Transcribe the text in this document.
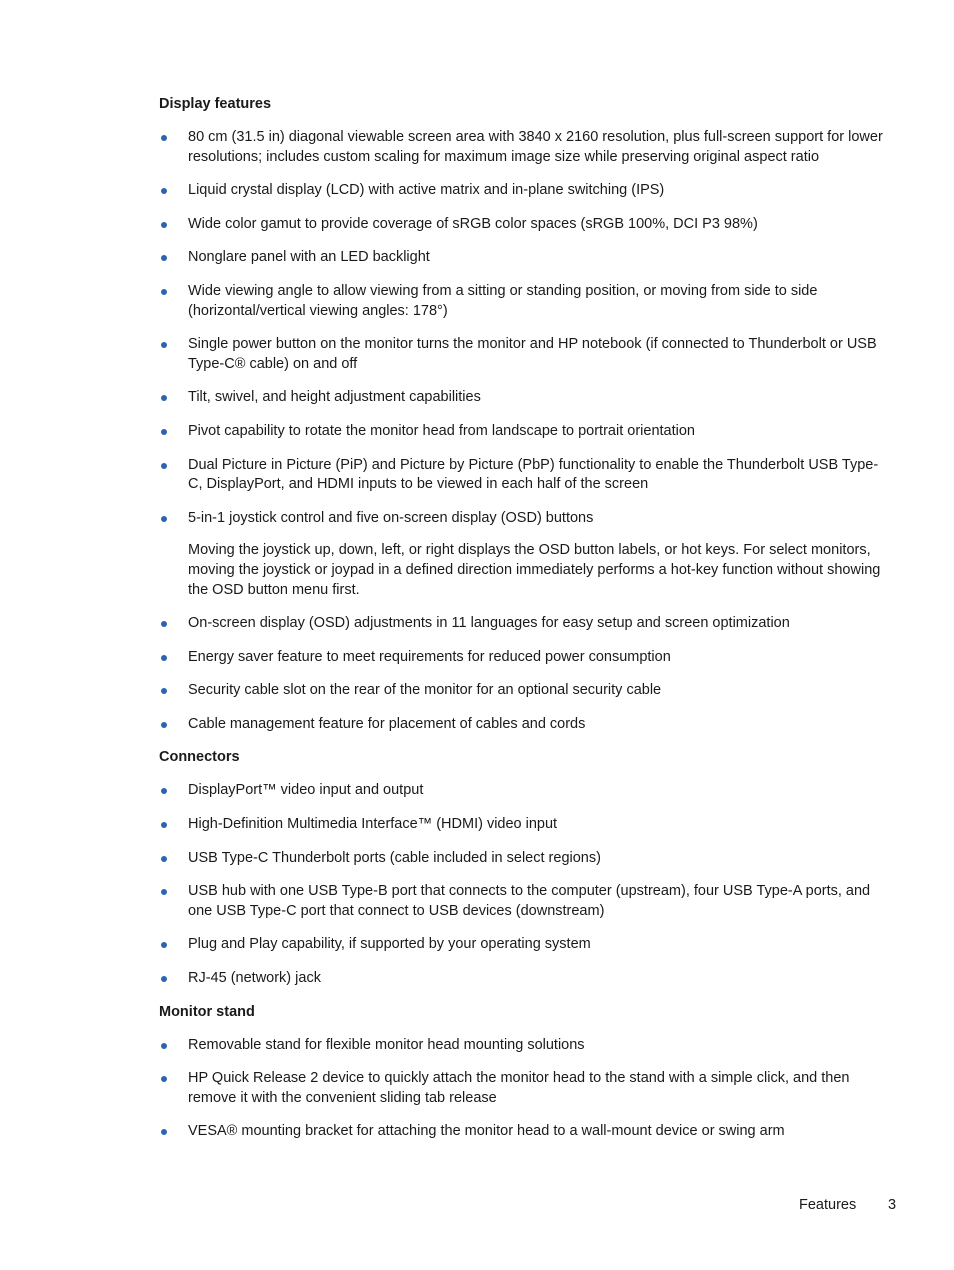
Display features
80 cm (31.5 in) diagonal viewable screen area with 3840 x 2160 resolution, plus full-screen support for lower resolutions; includes custom scaling for maximum image size while preserving original aspect ratio
Liquid crystal display (LCD) with active matrix and in-plane switching (IPS)
Wide color gamut to provide coverage of sRGB color spaces (sRGB 100%, DCI P3 98%)
Nonglare panel with an LED backlight
Wide viewing angle to allow viewing from a sitting or standing position, or moving from side to side (horizontal/vertical viewing angles: 178°)
Single power button on the monitor turns the monitor and HP notebook (if connected to Thunderbolt or USB Type-C® cable) on and off
Tilt, swivel, and height adjustment capabilities
Pivot capability to rotate the monitor head from landscape to portrait orientation
Dual Picture in Picture (PiP) and Picture by Picture (PbP) functionality to enable the Thunderbolt USB Type-C, DisplayPort, and HDMI inputs to be viewed in each half of the screen
5-in-1 joystick control and five on-screen display (OSD) buttons
Moving the joystick up, down, left, or right displays the OSD button labels, or hot keys. For select monitors, moving the joystick or joypad in a defined direction immediately performs a hot-key function without showing the OSD button menu first.
On-screen display (OSD) adjustments in 11 languages for easy setup and screen optimization
Energy saver feature to meet requirements for reduced power consumption
Security cable slot on the rear of the monitor for an optional security cable
Cable management feature for placement of cables and cords
Connectors
DisplayPort™ video input and output
High-Definition Multimedia Interface™ (HDMI) video input
USB Type-C Thunderbolt ports (cable included in select regions)
USB hub with one USB Type-B port that connects to the computer (upstream), four USB Type-A ports, and one USB Type-C port that connect to USB devices (downstream)
Plug and Play capability, if supported by your operating system
RJ-45 (network) jack
Monitor stand
Removable stand for flexible monitor head mounting solutions
HP Quick Release 2 device to quickly attach the monitor head to the stand with a simple click, and then remove it with the convenient sliding tab release
VESA® mounting bracket for attaching the monitor head to a wall-mount device or swing arm
Features 3
